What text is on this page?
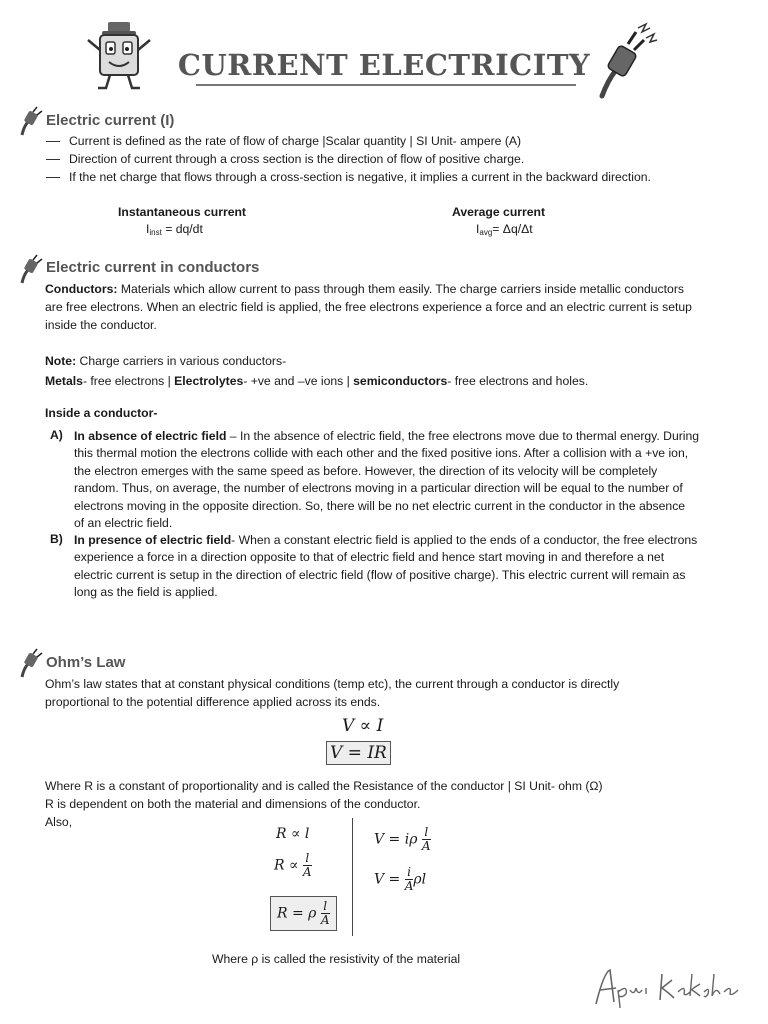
CURRENT ELECTRICITY
Electric current (I)
Current is defined as the rate of flow of charge |Scalar quantity | SI Unit- ampere (A)
Direction of current through a cross section is the direction of flow of positive charge.
If the net charge that flows through a cross-section is negative, it implies a current in the backward direction.
Instantaneous current
$I_{inst} = dq/dt$
Average current
$I_{avg}= \Delta q/\Delta t$
Electric current in conductors
Conductors: Materials which allow current to pass through them easily. The charge carriers inside metallic conductors
are free electrons. When an electric field is applied, the free electrons experience a force and an electric current is setup
inside the conductor.
Note: Charge carriers in various conductors-
Metals- free electrons | Electrolytes- +ve and –ve ions | semiconductors- free electrons and holes.
Inside a conductor-
A) In absence of electric field – In the absence of electric field, the free electrons move due to thermal energy. During
this thermal motion the electrons collide with each other and the fixed positive ions. After a collision with a +ve ion,
the electron emerges with the same speed as before. However, the direction of its velocity will be completely
random. Thus, on average, the number of electrons moving in a particular direction will be equal to the number of
electrons moving in the opposite direction. So, there will be no net electric current in the conductor in the absence
of an electric field.
B) In presence of electric field- When a constant electric field is applied to the ends of a conductor, the free electrons
experience a force in a direction opposite to that of electric field and hence start moving in and therefore a net
electric current is setup in the direction of electric field (flow of positive charge). This electric current will remain as
long as the field is applied.
Ohm’s Law
Ohm’s law states that at constant physical conditions (temp etc), the current through a conductor is directly
proportional to the potential difference applied across its ends.
V ∝ I
V = IR
Where R is a constant of proportionality and is called the Resistance of the conductor | SI Unit- ohm (Ω)
R is dependent on both the material and dimensions of the conductor.
Also,
R ∝ l
$R \propto \frac{l}{A}$
R = ρ $\frac{l}{A}$
V = iρ $\frac{l}{A}$
$V = \frac{i}{A}$ ρl
Where ρ is called the resistivity of the material
